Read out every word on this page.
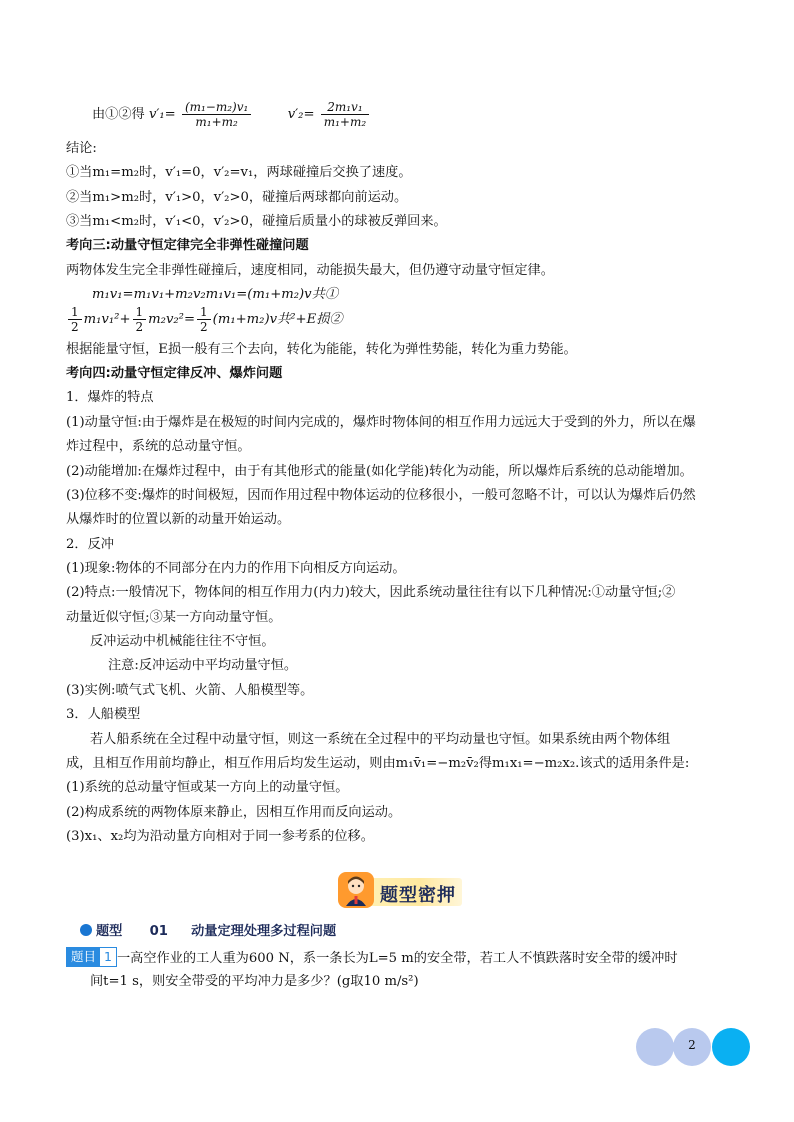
由①②得 $v'_1= \frac{\text{(m₁−m₂)v₁}}{\text{m₁+m₂}}$	$v'_2= \frac{\text{2m₁v₁}}{\text{m₁+m₂}}$
结论:
①当m₁=m₂时，v′₁=0，v′₂=v₁，两球碰撞后交换了速度。
②当m₁>m₂时，v′₁>0，v′₂>0，碰撞后两球都向前运动。
③当m₁<m₂时，v′₁<0，v′₂>0，碰撞后质量小的球被反弹回来。
考向三:动量守恒定律完全非弹性碰撞问题
两物体发生完全非弹性碰撞后，速度相同，动能损失最大，但仍遵守动量守恒定律。
m₁v₁=m₁v₁+m₂v₂m₁v₁=(m₁+m₂)v共①
$\frac{1}{2} m_1v_1^2+ \frac{1}{2} m_2v_2^2= \frac{1}{2} (m_1+m_2)v$共²+E损②
根据能量守恒，E损一般有三个去向，转化为能能，转化为弹性势能，转化为重力势能。
考向四:动量守恒定律反冲、爆炸问题
1．爆炸的特点
(1)动量守恒:由于爆炸是在极短的时间内完成的，爆炸时物体间的相互作用力远远大于受到的外力，所以在爆
炸过程中，系统的总动量守恒。
(2)动能增加:在爆炸过程中，由于有其他形式的能量(如化学能)转化为动能，所以爆炸后系统的总动能增加。
(3)位移不变:爆炸的时间极短，因而作用过程中物体运动的位移很小，一般可忽略不计，可以认为爆炸后仍然
从爆炸时的位置以新的动量开始运动。
2．反冲
(1)现象:物体的不同部分在内力的作用下向相反方向运动。
(2)特点:一般情况下，物体间的相互作用力(内力)较大，因此系统动量往往有以下几种情况:①动量守恒;②
动量近似守恒;③某一方向动量守恒。
反冲运动中机械能往往不守恒。
注意:反冲运动中平均动量守恒。
(3)实例:喷气式飞机、火箭、人船模型等。
3．人船模型
若人船系统在全过程中动量守恒，则这一系统在全过程中的平均动量也守恒。如果系统由两个物体组
成，且相互作用前均静止，相互作用后均发生运动，则由m₁v̄₁=−m₂v̄₂得m₁x₁=−m₂x₂.该式的适用条件是:
(1)系统的总动量守恒或某一方向上的动量守恒。
(2)构成系统的两物体原来静止，因相互作用而反向运动。
(3)x₁、x₂均为沿动量方向相对于同一参考系的位移。
题型密押
题型 01 动量定理处理多过程问题
题目 1 一高空作业的工人重为600 N，系一条长为L=5 m的安全带，若工人不慎跌落时安全带的缓冲时
间t=1 s，则安全带受的平均冲力是多少？(g取10 m/s²)
2
